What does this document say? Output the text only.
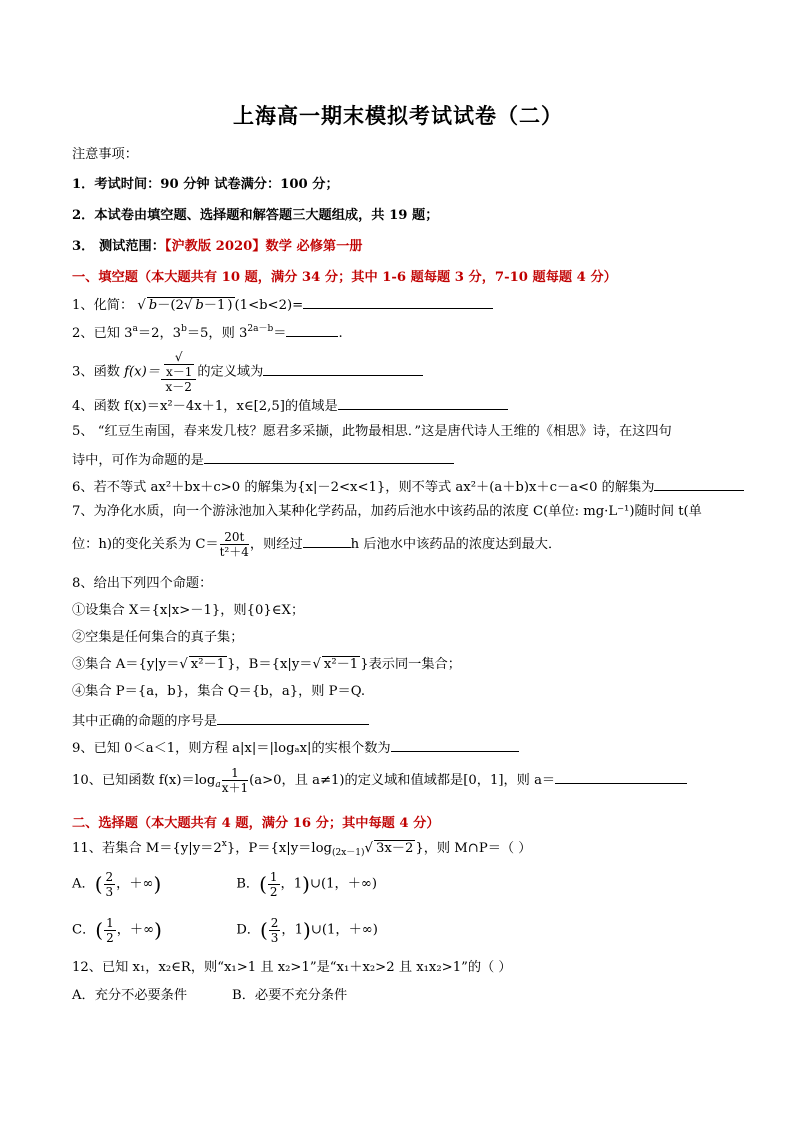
上海高一期末模拟考试试卷（二）
注意事项：
1．考试时间：90 分钟 试卷满分：100 分；
2．本试卷由填空题、选择题和解答题三大题组成，共 19 题；
3． 测试范围：【沪教版 2020】数学 必修第一册
一、填空题（本大题共有 10 题，满分 34 分；其中 1-6 题每题 3 分，7-10 题每题 4 分）
1、化简： √ b－(2√ b－1 ) (1<b<2)=
2、已知 $3^a=2$，$3^b=5$，则 $3^{2a-b}=$	.
3、函数 f(x)＝ √
x－1
x－2 的定义域为
4、函数 f(x)＝x²－4x＋1，x∈[2,5]的值域是
5、 “红豆生南国，春来发几枝？愿君多采撷，此物最相思．”这是唐代诗人王维的《相思》诗，在这四句
诗中，可作为命题的是
6、若不等式 ax²＋bx＋c>0 的解集为{x|－2<x<1}，则不等式 ax²＋(a＋b)x＋c－a<0 的解集为
7、为净化水质，向一个游泳池加入某种化学药品，加药后池水中该药品的浓度 C(单位: mg·L⁻¹)随时间 t(单
位：h)的变化关系为 $C= \frac{20t}{\text{t²＋4}}$ ，则经过	h 后池水中该药品的浓度达到最大．
8、给出下列四个命题：
①设集合 X＝{x|x>－1}，则{0}∈X；
②空集是任何集合的真子集；
③集合 A＝{y|y＝√ x²－1 }，B＝{x|y＝√ x²－1 }表示同一集合；
④集合 P＝{a，b}，集合 Q＝{b，a}，则 P＝Q.
其中正确的命题的序号是
9、已知 0＜a＜1，则方程 a|x|＝|logₐx|的实根个数为
10、已知函数 $f(x)=\log_a \frac{1}{x+1} (a>0$，且 a≠1)的定义域和值域都是[0，1]，则 a＝
二、选择题（本大题共有 4 题，满分 16 分；其中每题 4 分）
11、若集合 $M=\{y|y=2^x\}$，$P=\{x|y=\log_{(2x-1)}√$ 3x－2 }，则 M∩P＝（ ）
A．( $\frac{2}{3}$ ，＋∞)	B．( $\frac{1}{2}$ ，1)∪(1，＋∞)
C．( $\frac{1}{2}$ ，＋∞)	D．( $\frac{2}{3}$ ，1)∪(1，＋∞)
12、已知 x₁，x₂∈R，则“x₁>1 且 x₂>1”是“x₁＋x₂>2 且 x₁x₂>1”的（ ）
A．充分不必要条件	B．必要不充分条件
